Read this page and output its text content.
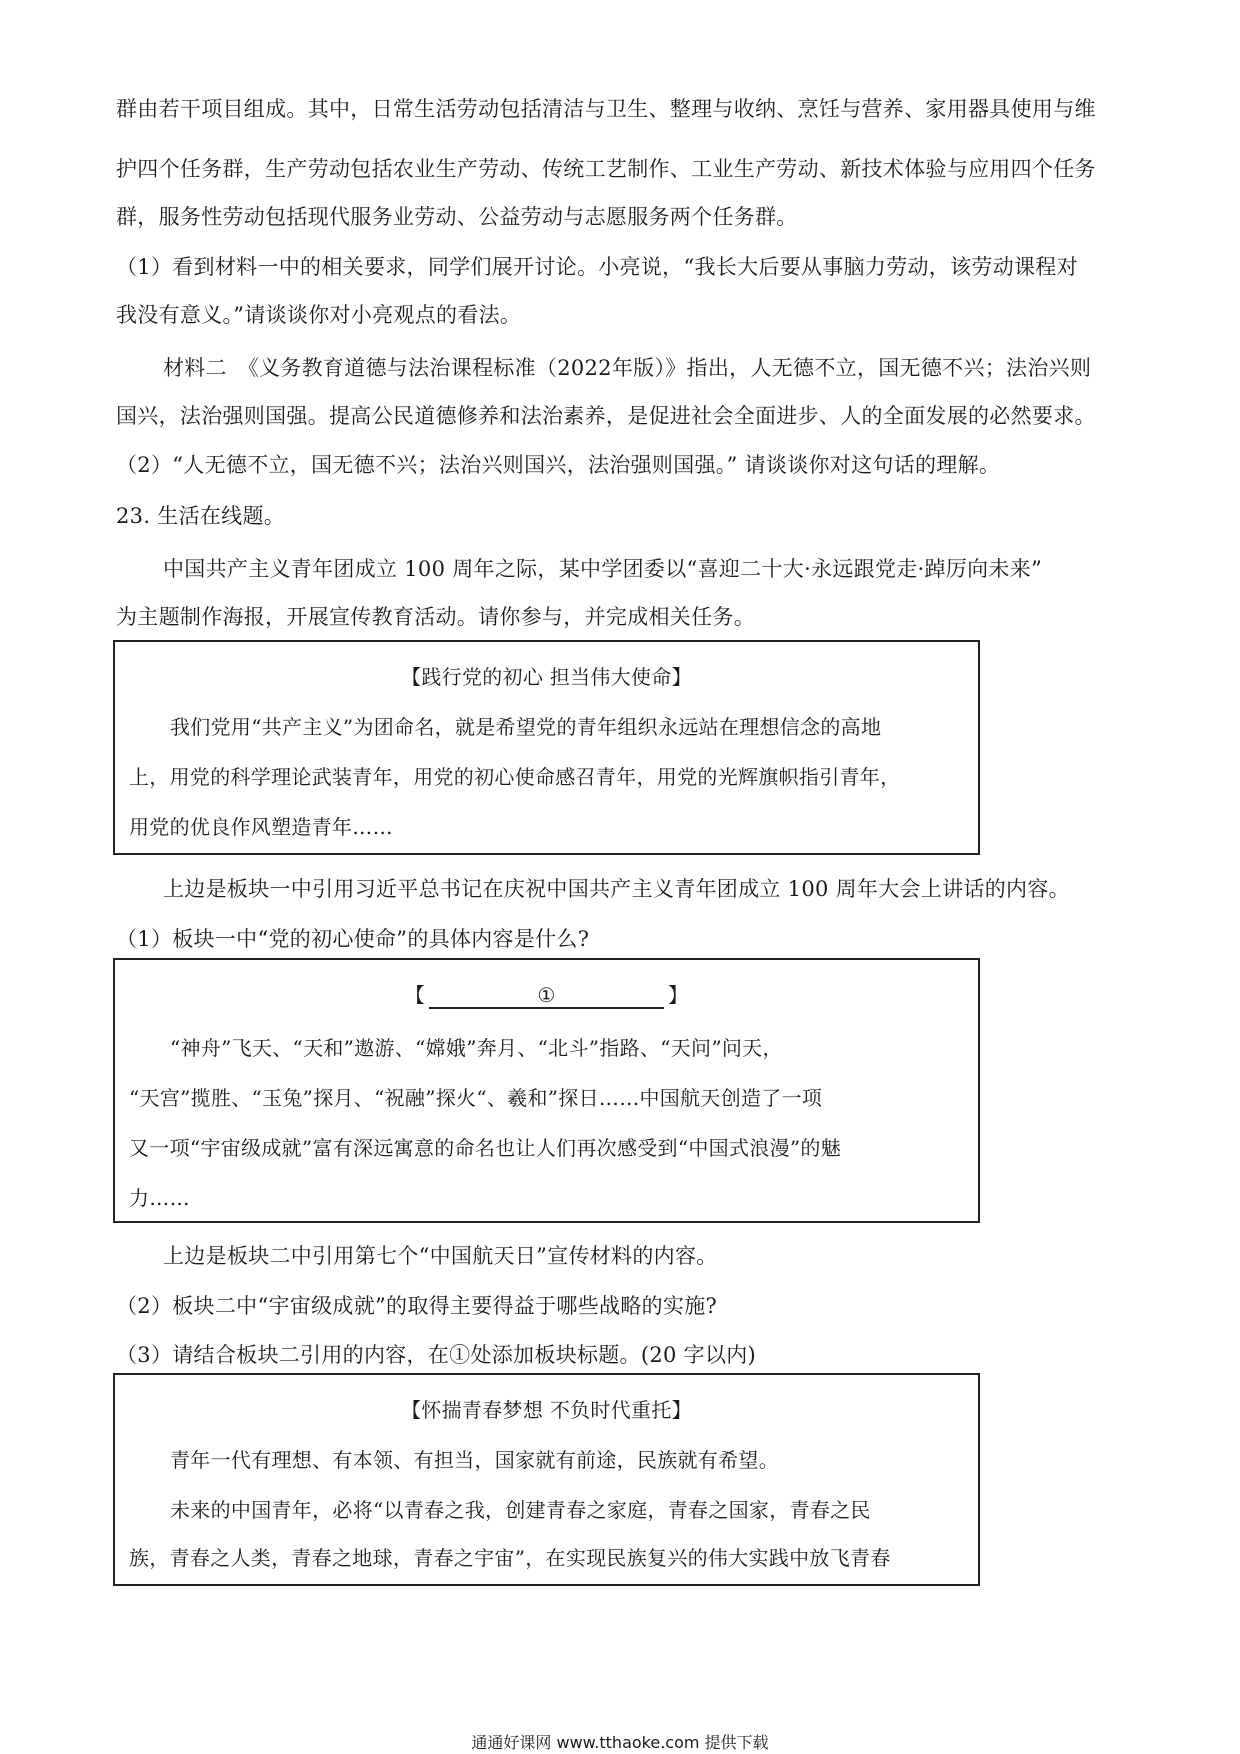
群由若干项目组成。其中，日常生活劳动包括清洁与卫生、整理与收纳、烹饪与营养、家用器具使用与维
护四个任务群，生产劳动包括农业生产劳动、传统工艺制作、工业生产劳动、新技术体验与应用四个任务
群，服务性劳动包括现代服务业劳动、公益劳动与志愿服务两个任务群。
（1）看到材料一中的相关要求，同学们展开讨论。小亮说，“我长大后要从事脑力劳动，该劳动课程对
我没有意义。”请谈谈你对小亮观点的看法。
材料二　《义务教育道德与法治课程标准（2022年版）》指出，人无德不立，国无德不兴；法治兴则
国兴，法治强则国强。提高公民道德修养和法治素养，是促进社会全面进步、人的全面发展的必然要求。
（2）“人无德不立，国无德不兴；法治兴则国兴，法治强则国强。” 请谈谈你对这句话的理解。
23. 生活在线题。
中国共产主义青年团成立 100 周年之际，某中学团委以“喜迎二十大·永远跟党走·踔厉向未来”
为主题制作海报，开展宣传教育活动。请你参与，并完成相关任务。
【践行党的初心 担当伟大使命】
我们党用“共产主义”为团命名，就是希望党的青年组织永远站在理想信念的高地
上，用党的科学理论武装青年，用党的初心使命感召青年，用党的光辉旗帜指引青年，
用党的优良作风塑造青年……
上边是板块一中引用习近平总书记在庆祝中国共产主义青年团成立 100 周年大会上讲话的内容。
（1）板块一中“党的初心使命”的具体内容是什么?
【	①	】
“神舟”飞天、“天和”遨游、“嫦娥”奔月、“北斗”指路、“天问”问天，
“天宫”揽胜、“玉兔”探月、“祝融”探火“、羲和”探日……中国航天创造了一项
又一项“宇宙级成就”富有深远寓意的命名也让人们再次感受到“中国式浪漫”的魅
力……
上边是板块二中引用第七个“中国航天日”宣传材料的内容。
（2）板块二中“宇宙级成就”的取得主要得益于哪些战略的实施?
（3）请结合板块二引用的内容，在①处添加板块标题。(20 字以内)
【怀揣青春梦想 不负时代重托】
青年一代有理想、有本领、有担当，国家就有前途，民族就有希望。
未来的中国青年，必将“以青春之我，创建青春之家庭，青春之国家，青春之民
族，青春之人类，青春之地球，青春之宇宙”，在实现民族复兴的伟大实践中放飞青春
通通好课网 www.tthaoke.com 提供下载
